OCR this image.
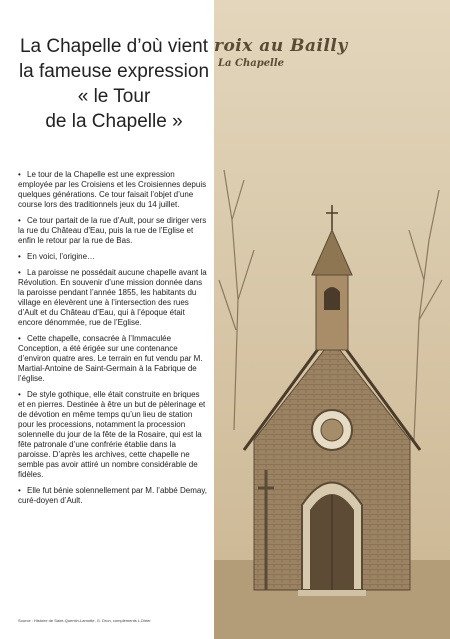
La Chapelle d’où vient
la fameuse expression
« le Tour
de la Chapelle »
• Le tour de la Chapelle est une expression employée par les Croisiens et les Croisiennes depuis quelques générations. Ce tour faisait l’objet d’une course lors des traditionnels jeux du 14 juillet.
• Ce tour partait de la rue d’Ault, pour se diriger vers la rue du Château d’Eau, puis la rue de l’Eglise et enfin le retour par la rue de Bas.
• En voici, l’origine…
• La paroisse ne possédait aucune chapelle avant la Révolution. En souvenir d’une mission donnée dans la paroisse pendant l’année 1855, les habitants du village en élevèrent une à l’intersection des rues d’Ault et du Château d’Eau, qui à l’époque était encore dénommée, rue de l’Eglise.
• Cette chapelle, consacrée à l’Immaculée Conception, a été érigée sur une contenance d’environ quatre ares. Le terrain en fut vendu par M. Martial-Antoine de Saint-Germain à la Fabrique de l’église.
• De style gothique, elle était construite en briques et en pierres. Destinée à être un but de pèlerinage et de dévotion en même temps qu’un lieu de station pour les processions, notamment la procession solennelle du jour de la fête de la Rosaire, qui est la fête patronale d’une confrérie établie dans la paroisse. D’après les archives, cette chapelle ne semble pas avoir attiré un nombre considérable de fidèles.
• Elle fut bénie solennellement par M. l’abbé Demay, curé-doyen d’Ault.
Source : Histoire de Saint-Quentin-Lamotte, G. Dron, compléments L.Dirier
roix au Bailly
La Chapelle
